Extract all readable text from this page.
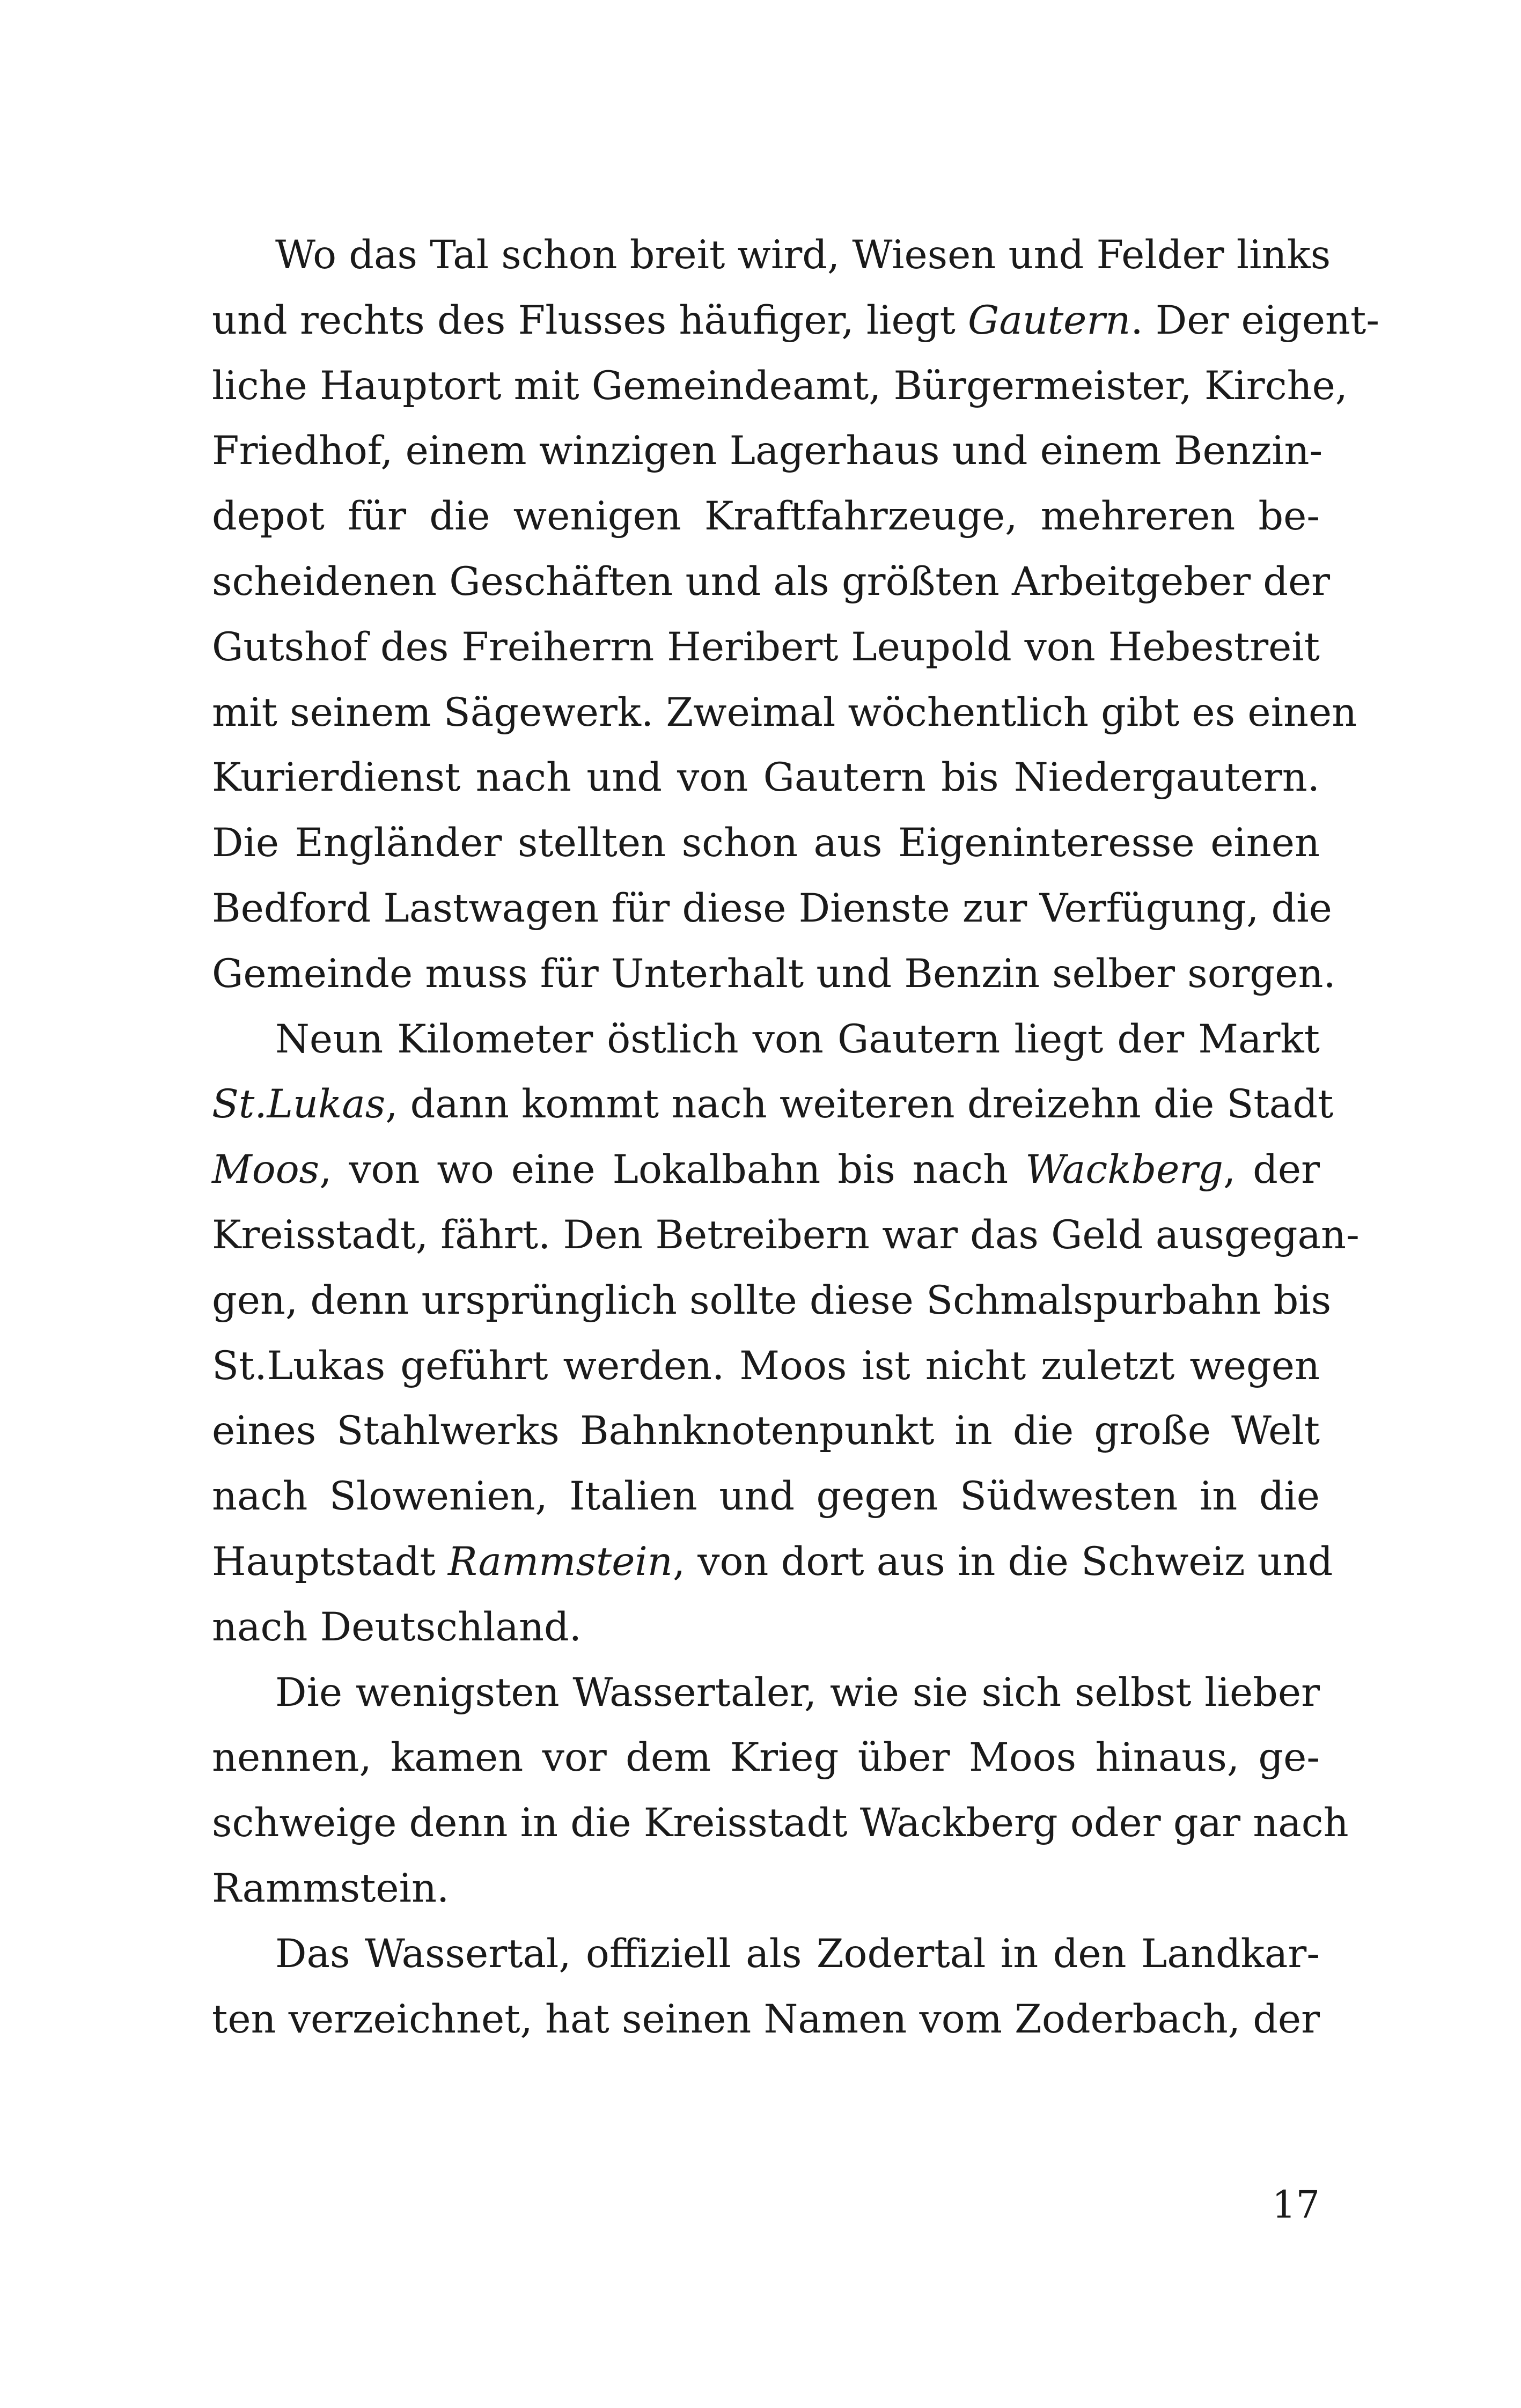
Wo das Tal schon breit wird, Wiesen und Felder links
und rechts des Flusses häufiger, liegt Gautern. Der eigent-
liche Hauptort mit Gemeindeamt, Bürgermeister, Kirche,
Friedhof, einem winzigen Lagerhaus und einem Benzin-
depot für die wenigen Kraftfahrzeuge, mehreren be-
scheidenen Geschäften und als größten Arbeitgeber der
Gutshof des Freiherrn Heribert Leupold von Hebestreit
mit seinem Sägewerk. Zweimal wöchentlich gibt es einen
Kurierdienst nach und von Gautern bis Niedergautern.
Die Engländer stellten schon aus Eigeninteresse einen
Bedford Lastwagen für diese Dienste zur Verfügung, die
Gemeinde muss für Unterhalt und Benzin selber sorgen.
Neun Kilometer östlich von Gautern liegt der Markt
St.Lukas, dann kommt nach weiteren dreizehn die Stadt
Moos, von wo eine Lokalbahn bis nach Wackberg, der
Kreisstadt, fährt. Den Betreibern war das Geld ausgegan-
gen, denn ursprünglich sollte diese Schmalspurbahn bis
St.Lukas geführt werden. Moos ist nicht zuletzt wegen
eines Stahlwerks Bahnknotenpunkt in die große Welt
nach Slowenien, Italien und gegen Südwesten in die
Hauptstadt Rammstein, von dort aus in die Schweiz und
nach Deutschland.
Die wenigsten Wassertaler, wie sie sich selbst lieber
nennen, kamen vor dem Krieg über Moos hinaus, ge-
schweige denn in die Kreisstadt Wackberg oder gar nach
Rammstein.
Das Wassertal, offiziell als Zodertal in den Landkar-
ten verzeichnet, hat seinen Namen vom Zoderbach, der
17
